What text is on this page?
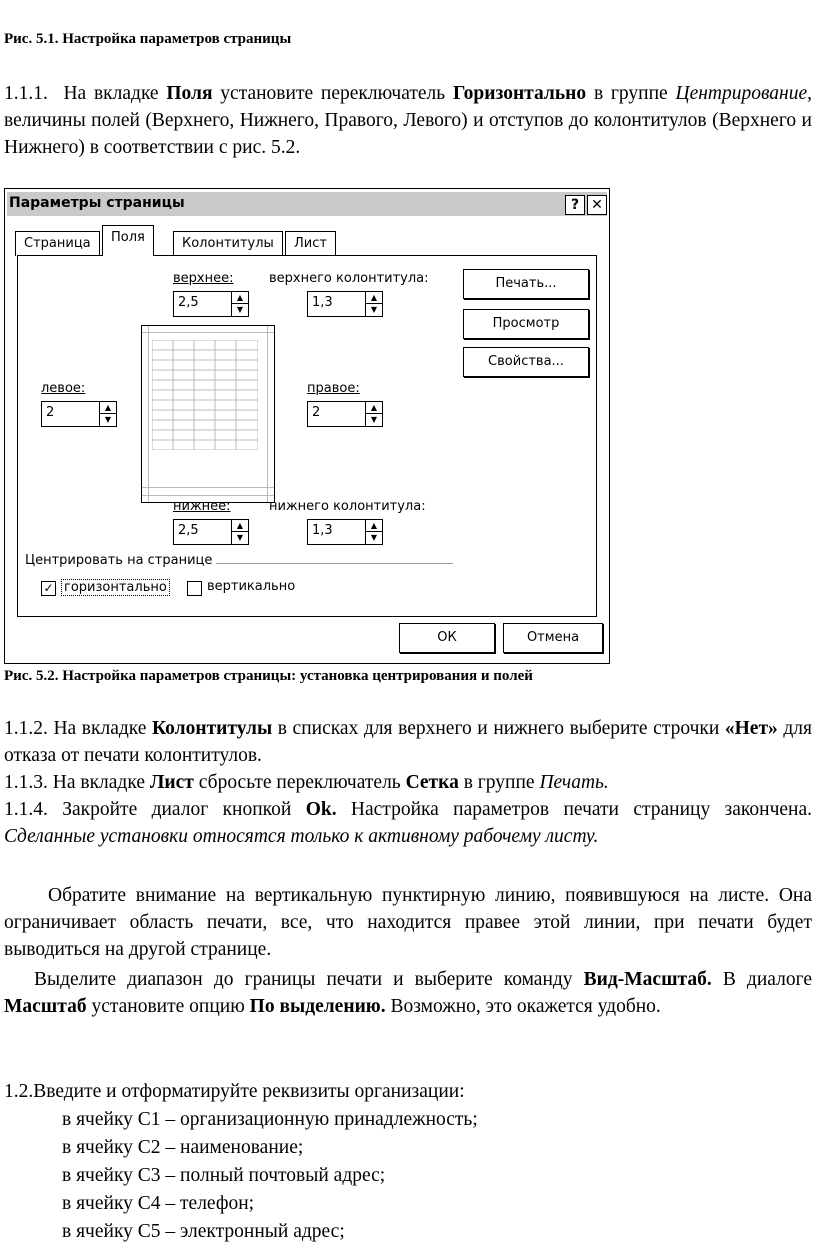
Рис. 5.1. Настройка параметров страницы
1.1.1. На вкладке Поля установите переключатель Горизонтально в группе Центрирование, величины полей (Верхнего, Нижнего, Правого, Левого) и отступов до колонтитулов (Верхнего и Нижнего) в соответствии с рис. 5.2.
Параметры страницы	? ✕
Страница	Поля	Колонтитулы	Лист
верхнее:
2,5	▲
▼
верхнего колонтитула:
1,3	▲
▼
Печать...
Просмотр
Свойства...
левое:
2	▲
▼
правое:
2	▲
▼
нижнее:
2,5	▲
▼
нижнего колонтитула:
1,3	▲
▼
Центрировать на странице
✓ горизонтально	вертикально
ОК	Отмена
Рис. 5.2. Настройка параметров страницы: установка центрирования и полей
1.1.2. На вкладке Колонтитулы в списках для верхнего и нижнего выберите строчки «Нет» для отказа от печати колонтитулов.
1.1.3. На вкладке Лист сбросьте переключатель Сетка в группе Печать.
1.1.4. Закройте диалог кнопкой Ok. Настройка параметров печати страницу закончена. Сделанные установки относятся только к активному рабочему листу.
Обратите внимание на вертикальную пунктирную линию, появившуюся на листе. Она ограничивает область печати, все, что находится правее этой линии, при печати будет выводиться на другой странице.
Выделите диапазон до границы печати и выберите команду Вид-Масштаб. В диалоге Масштаб установите опцию По выделению. Возможно, это окажется удобно.
1.2.Введите и отформатируйте реквизиты организации:
в ячейку С1 – организационную принадлежность;
в ячейку С2 – наименование;
в ячейку С3 – полный почтовый адрес;
в ячейку С4 – телефон;
в ячейку С5 – электронный адрес;
